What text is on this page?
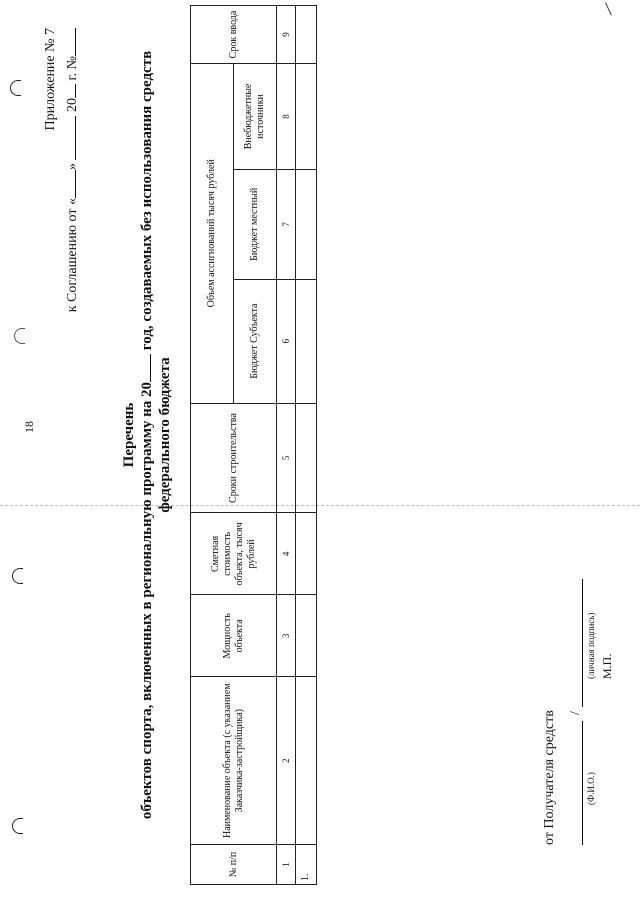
18
Приложение № 7
к Соглашению от «»  20 г. №
Перечень объектов спорта, включенных в региональную программу на 20 год, создаваемых без использования средств
федерального бюджета
№ п/п	Наименование объекта (с указанием Заказчика-застройщика)	Мощность объекта	Сметная стоимость объекта, тысяч рублей	Сроки строительства	Объем ассигнований тысяч рублей			Срок ввода
					Бюджет Субъекта	Бюджет местный	Внебюджетные источники	
1	2	3	4	5	6	7	8	9
1.								
от Получателя средств /
(Ф.И.О.)
(личная подпись) М.П.
